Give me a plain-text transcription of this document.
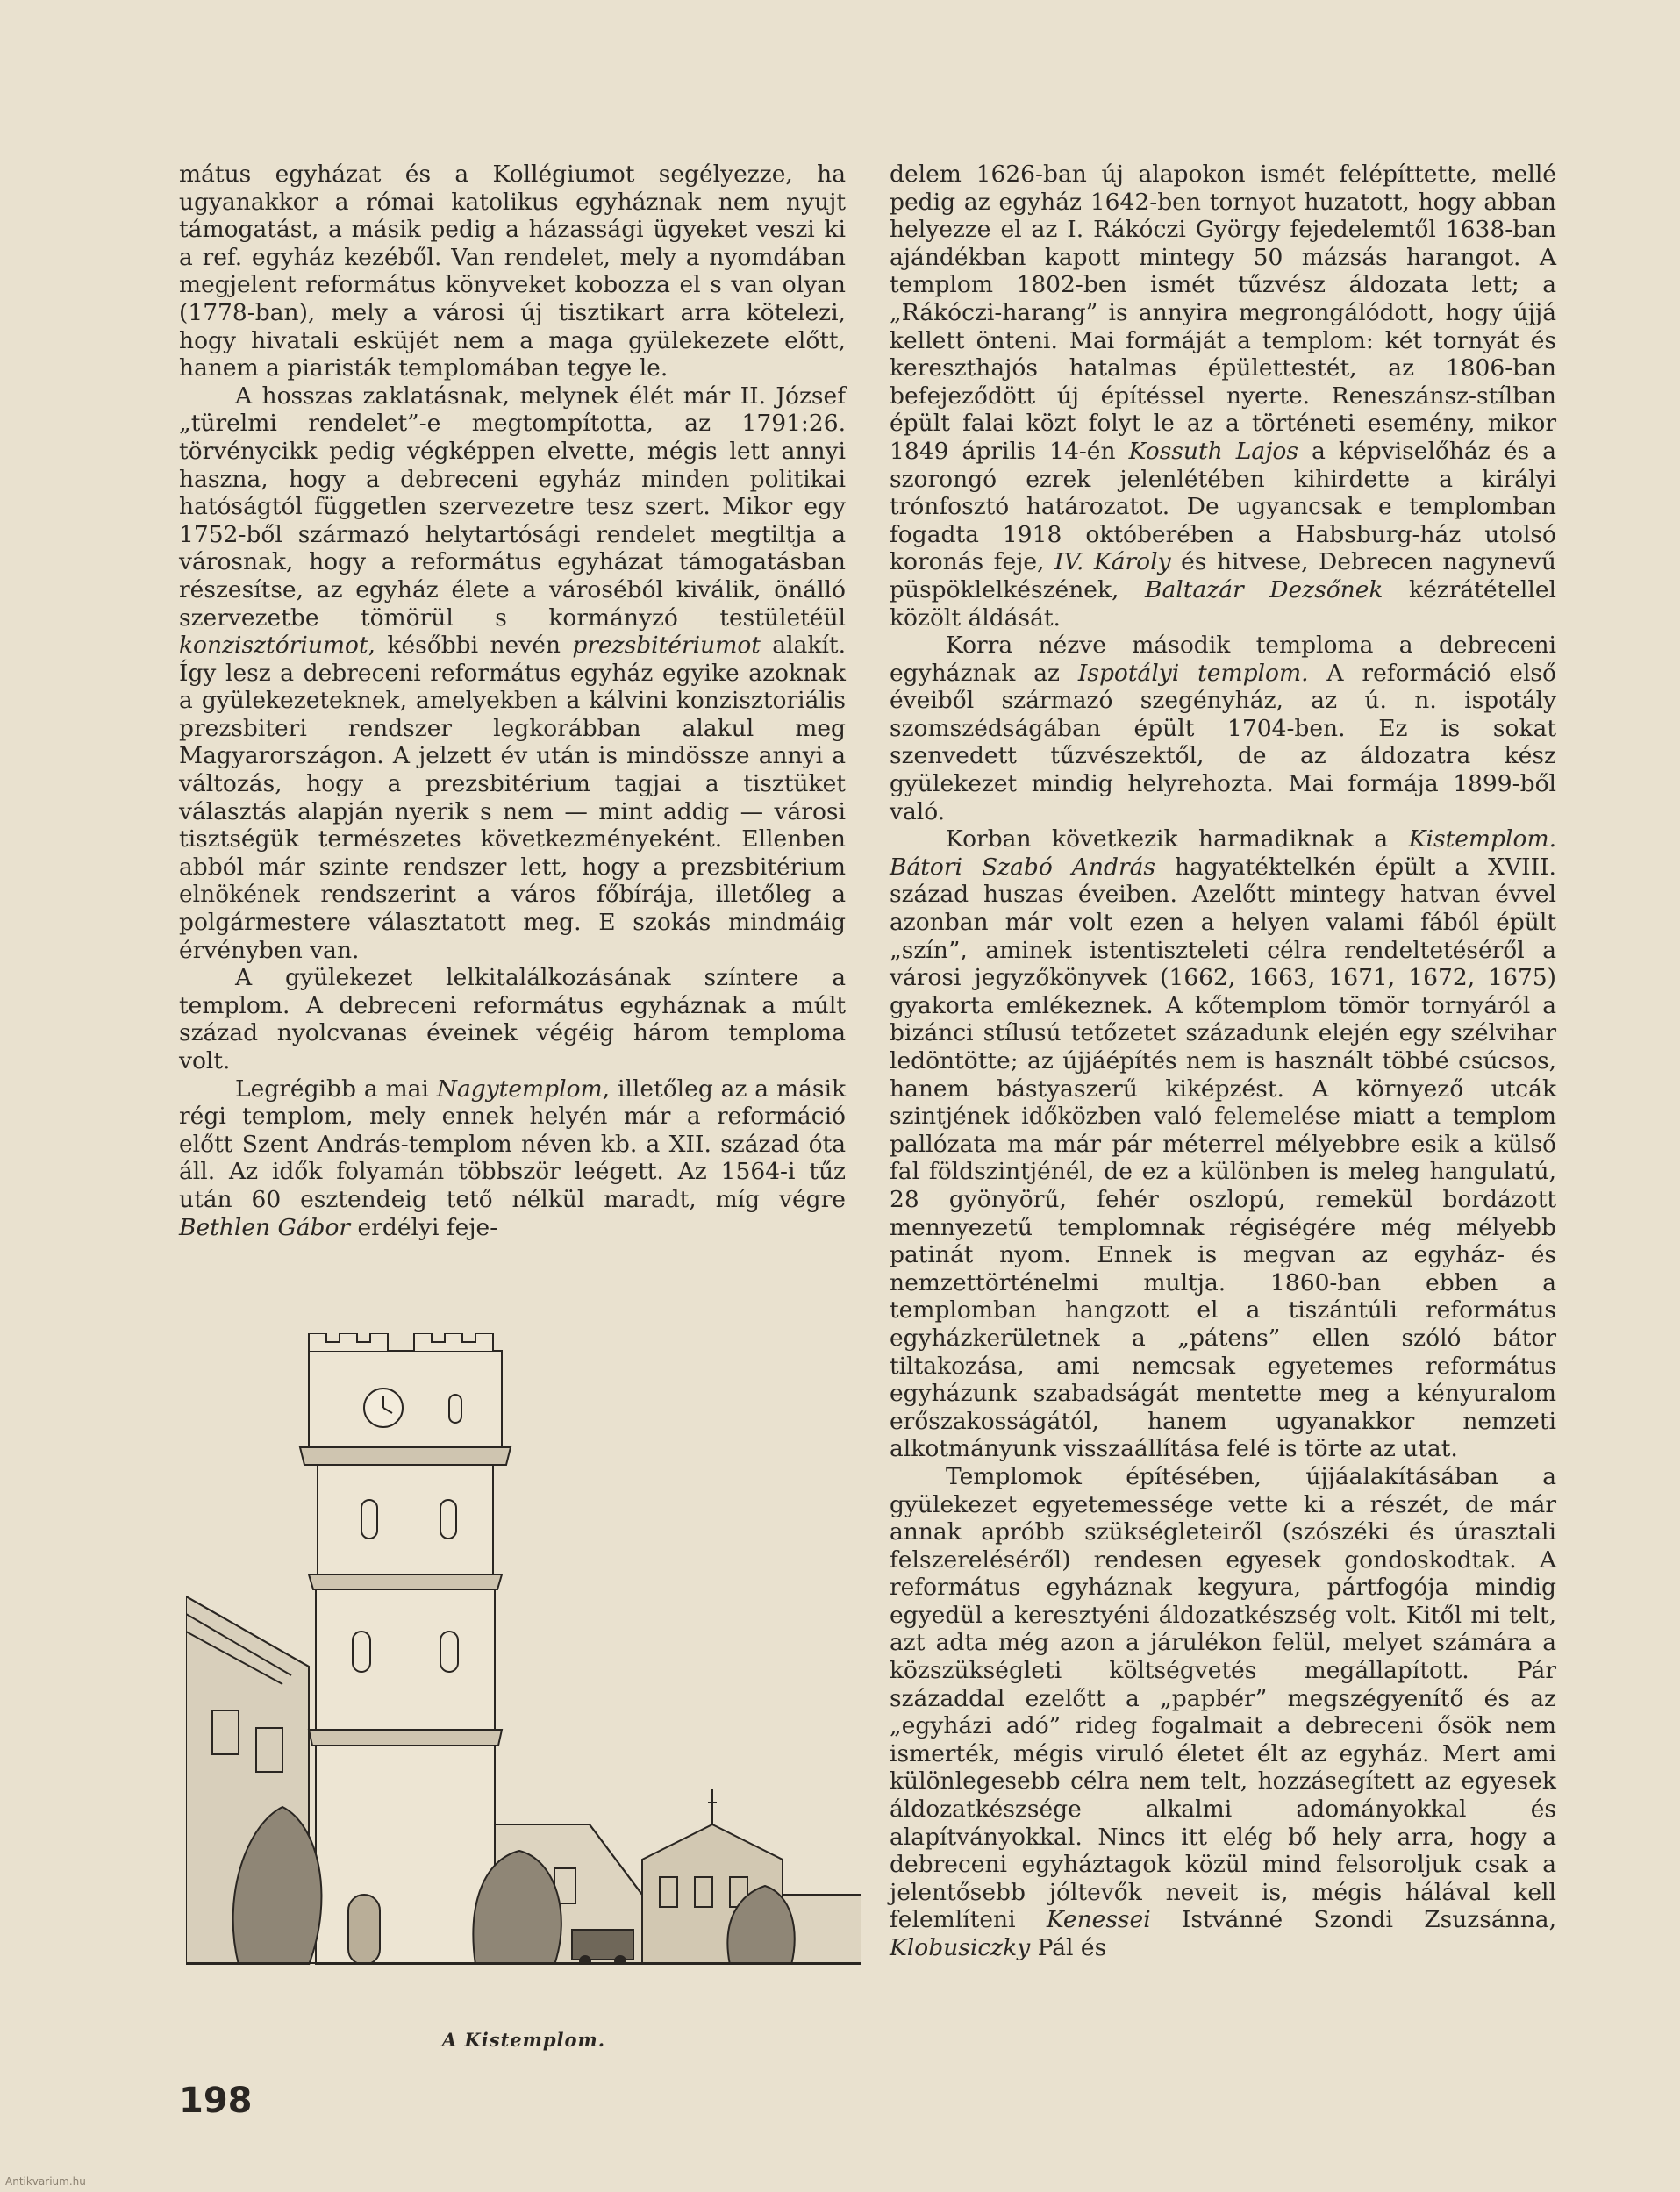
mátus egyházat és a Kollégiumot segélyezze, ha ugyanakkor a római katolikus egyháznak nem nyujt támogatást, a másik pedig a házassági ügyeket veszi ki a ref. egyház kezéből. Van rendelet, mely a nyomdában megjelent református könyveket kobozza el s van olyan (1778-ban), mely a városi új tisztikart arra kötelezi, hogy hivatali esküjét nem a maga gyülekezete előtt, hanem a piaristák templomában tegye le.

A hosszas zaklatásnak, melynek élét már II. József „türelmi rendelet”-e megtompította, az 1791:26. törvénycikk pedig végképpen elvette, mégis lett annyi haszna, hogy a debreceni egyház minden politikai hatóságtól független szervezetre tesz szert. Mikor egy 1752-ből származó helytartósági rendelet megtiltja a városnak, hogy a református egyházat támogatásban részesítse, az egyház élete a városéból kiválik, önálló szervezetbe tömörül s kormányzó testületéül konzisztóriumot, későbbi nevén prezsbitériumot alakít. Így lesz a debreceni református egyház egyike azoknak a gyülekezeteknek, amelyekben a kálvini konzisztoriális prezsbiteri rendszer legkorábban alakul meg Magyarországon. A jelzett év után is mindössze annyi a változás, hogy a prezsbitérium tagjai a tisztüket választás alapján nyerik s nem — mint addig — városi tisztségük természetes következményeként. Ellenben abból már szinte rendszer lett, hogy a prezsbitérium elnökének rendszerint a város főbírája, illetőleg a polgármestere választatott meg. E szokás mindmáig érvényben van.

A gyülekezet lelkitalálkozásának színtere a templom. A debreceni református egyháznak a múlt század nyolcvanas éveinek végéig három temploma volt.

Legrégibb a mai Nagytemplom, illetőleg az a másik régi templom, mely ennek helyén már a reformáció előtt Szent András-templom néven kb. a XII. század óta áll. Az idők folyamán többször leégett. Az 1564-i tűz után 60 esztendeig tető nélkül maradt, míg végre Bethlen Gábor erdélyi feje-

A Kistemplom.

delem 1626-ban új alapokon ismét felépíttette, mellé pedig az egyház 1642-ben tornyot huzatott, hogy abban helyezze el az I. Rákóczi György fejedelemtől 1638-ban ajándékban kapott mintegy 50 mázsás harangot. A templom 1802-ben ismét tűzvész áldozata lett; a „Rákóczi-harang” is annyira megrongálódott, hogy újjá kellett önteni. Mai formáját a templom: két tornyát és kereszthajós hatalmas épülettestét, az 1806-ban befejeződött új építéssel nyerte. Reneszánsz-stílban épült falai közt folyt le az a történeti esemény, mikor 1849 április 14-én Kossuth Lajos a képviselőház és a szorongó ezrek jelenlétében kihirdette a királyi trónfosztó határozatot. De ugyancsak e templomban fogadta 1918 októberében a Habsburg-ház utolsó koronás feje, IV. Károly és hitvese, Debrecen nagynevű püspöklelkészének, Baltazár Dezsőnek kézrátétellel közölt áldását.

Korra nézve második temploma a debreceni egyháznak az Ispotályi templom. A reformáció első éveiből származó szegényház, az ú. n. ispotály szomszédságában épült 1704-ben. Ez is sokat szenvedett tűzvészektől, de az áldozatra kész gyülekezet mindig helyrehozta. Mai formája 1899-ből való.

Korban következik harmadiknak a Kistemplom. Bátori Szabó András hagyatéktelkén épült a XVIII. század huszas éveiben. Azelőtt mintegy hatvan évvel azonban már volt ezen a helyen valami fából épült „szín”, aminek istentiszteleti célra rendeltetéséről a városi jegyzőkönyvek (1662, 1663, 1671, 1672, 1675) gyakorta emlékeznek. A kőtemplom tömör tornyáról a bizánci stílusú tetőzetet századunk elején egy szélvihar ledöntötte; az újjáépítés nem is használt többé csúcsos, hanem bástyaszerű kiképzést. A környező utcák szintjének időközben való felemelése miatt a templom pallózata ma már pár méterrel mélyebbre esik a külső fal földszintjénél, de ez a különben is meleg hangulatú, 28 gyönyörű, fehér oszlopú, remekül bordázott mennyezetű templomnak régiségére még mélyebb patinát nyom. Ennek is megvan az egyház- és nemzettörténelmi multja. 1860-ban ebben a templomban hangzott el a tiszántúli református egyházkerületnek a „pátens” ellen szóló bátor tiltakozása, ami nemcsak egyetemes református egyházunk szabadságát mentette meg a kényuralom erőszakosságától, hanem ugyanakkor nemzeti alkotmányunk visszaállítása felé is törte az utat.

Templomok építésében, újjáalakításában a gyülekezet egyetemessége vette ki a részét, de már annak apróbb szükségleteiről (szószéki és úrasztali felszereléséről) rendesen egyesek gondoskodtak. A református egyháznak kegyura, pártfogója mindig egyedül a keresztyéni áldozatkészség volt. Kitől mi telt, azt adta még azon a járulékon felül, melyet számára a közszükségleti költségvetés megállapított. Pár századdal ezelőtt a „papbér” megszégyenítő és az „egyházi adó” rideg fogalmait a debreceni ősök nem ismerték, mégis viruló életet élt az egyház. Mert ami különlegesebb célra nem telt, hozzásegített az egyesek áldozatkészsége alkalmi adományokkal és alapítványokkal. Nincs itt elég bő hely arra, hogy a debreceni egyháztagok közül mind felsoroljuk csak a jelentősebb jóltevők neveit is, mégis hálával kell felemlíteni Kenessei Istvánné Szondi Zsuzsánna, Klobusiczky Pál és

198
Antikvarium.hu
